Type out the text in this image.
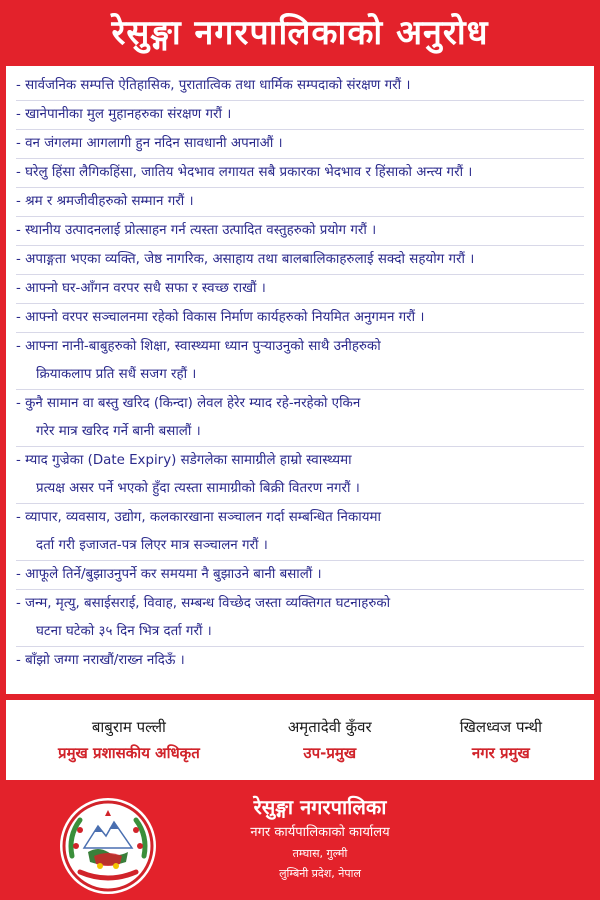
रेसुङ्गा नगरपालिकाको अनुरोध
- सार्वजनिक सम्पत्ति ऐतिहासिक, पुरातात्विक तथा धार्मिक सम्पदाको संरक्षण गरौं ।
- खानेपानीका मुल मुहानहरुका संरक्षण गरौं ।
- वन जंगलमा आगलागी हुन नदिन सावधानी अपनाऔं ।
- घरेलु हिंसा लैगिकहिंसा, जातिय भेदभाव लगायत सबै प्रकारका भेदभाव र हिंसाको अन्त्य गरौं ।
- श्रम र श्रमजीवीहरुको सम्मान गरौं ।
- स्थानीय उत्पादनलाई प्रोत्साहन गर्न त्यस्ता उत्पादित वस्तुहरुको प्रयोग गरौं ।
- अपाङ्गता भएका व्यक्ति, जेष्ठ नागरिक, असाहाय तथा बालबालिकाहरुलाई सक्दो सहयोग गरौं ।
- आफ्नो घर-आँगन वरपर सधै सफा र स्वच्छ राखौं ।
- आफ्नो वरपर सञ्चालनमा रहेको विकास निर्माण कार्यहरुको नियमित अनुगमन गरौं ।
- आफ्ना नानी-बाबुहरुको शिक्षा, स्वास्थ्यमा ध्यान पुर्‍याउनुको साथै उनीहरुको
क्रियाकलाप प्रति सधैं सजग रहौं ।
- कुनै सामान वा बस्तु खरिद (किन्दा) लेवल हेरेर म्याद रहे-नरहेको एकिन
गरेर मात्र खरिद गर्ने बानी बसालौं ।
- म्याद गुज्रेका (Date Expiry) सडेगलेका सामाग्रीले हाम्रो स्वास्थ्यमा
प्रत्यक्ष असर पर्ने भएको हुँदा त्यस्ता सामाग्रीको बिक्री वितरण नगरौं ।
- व्यापार, व्यवसाय, उद्योग, कलकारखाना सञ्चालन गर्दा सम्बन्धित निकायमा
दर्ता गरी इजाजत-पत्र लिएर मात्र सञ्चालन गरौं ।
- आफूले तिर्ने/बुझाउनुपर्ने कर समयमा नै बुझाउने बानी बसालौं ।
- जन्म, मृत्यु, बसाईसराई, विवाह, सम्बन्ध विच्छेद जस्ता व्यक्तिगत घटनाहरुको
घटना घटेको ३५ दिन भित्र दर्ता गरौं ।
- बाँझो जग्गा नराखौं/राख्न नदिऊँ ।
बाबुराम पल्ली
प्रमुख प्रशासकीय अधिकृत
अमृतादेवी कुँवर
उप-प्रमुख
खिलध्वज पन्थी
नगर प्रमुख
रेसुङ्गा नगरपालिका
नगर कार्यपालिकाको कार्यालय
तम्घास, गुल्मी
लुम्बिनी प्रदेश, नेपाल
